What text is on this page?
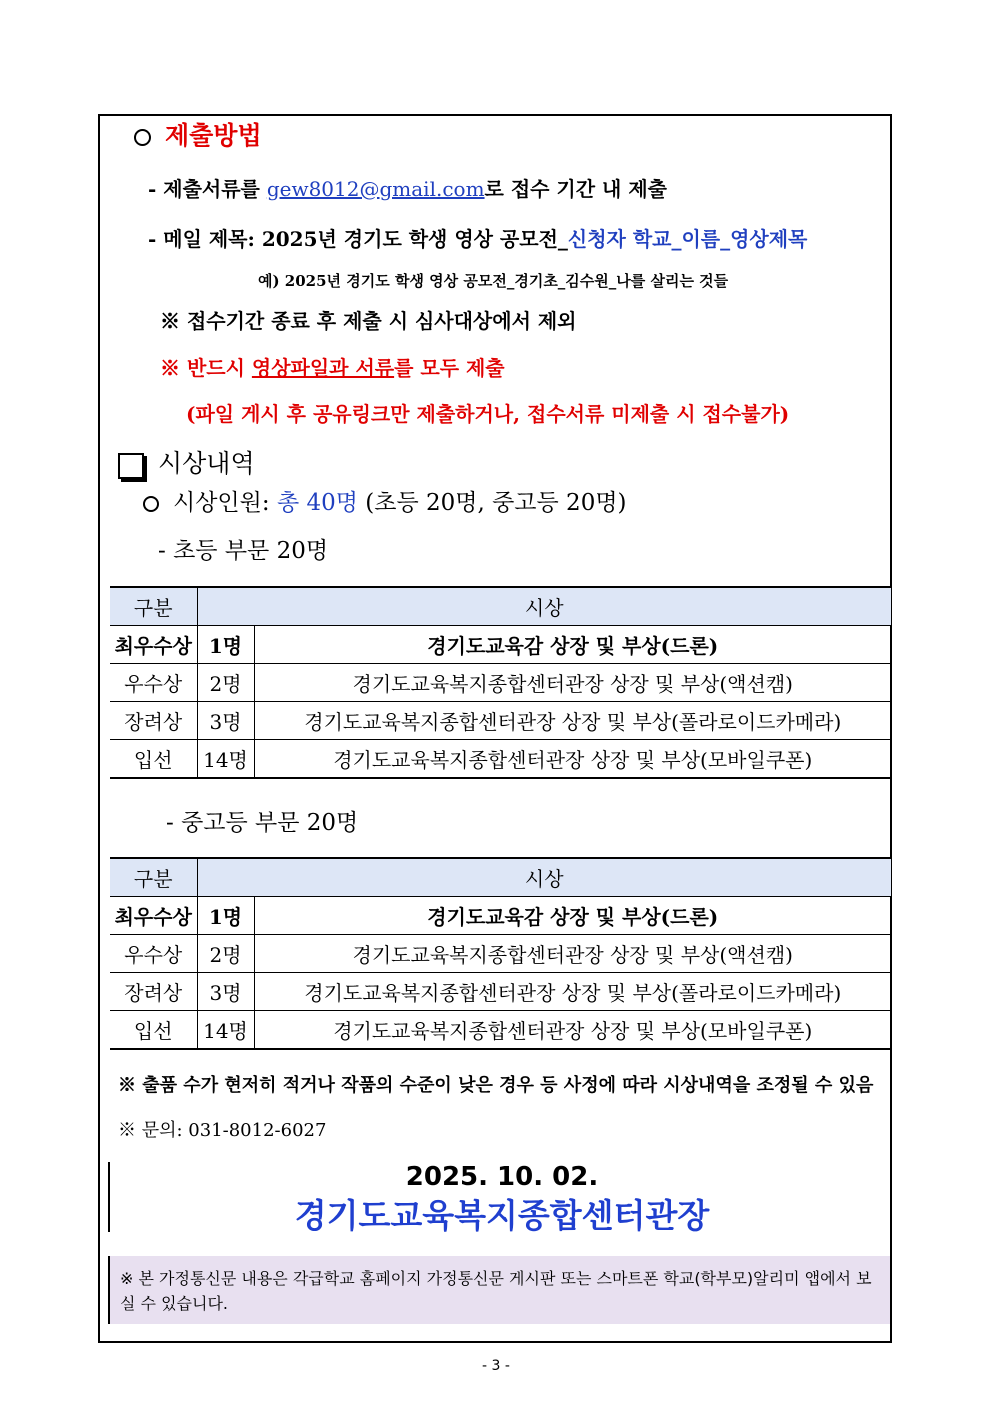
제출방법
- 제출서류를 gew8012@gmail.com로 접수 기간 내 제출
- 메일 제목: 2025년 경기도 학생 영상 공모전_신청자 학교_이름_영상제목
예) 2025년 경기도 학생 영상 공모전_경기초_김수원_나를 살리는 것들
※ 접수기간 종료 후 제출 시 심사대상에서 제외
※ 반드시 영상파일과 서류를 모두 제출
(파일 게시 후 공유링크만 제출하거나, 접수서류 미제출 시 접수불가)
시상내역
시상인원: 총 40명 (초등 20명, 중고등 20명)
- 초등 부문 20명
구분	시상	
최우수상	1명	경기도교육감 상장 및 부상(드론)
우수상	2명	경기도교육복지종합센터관장 상장 및 부상(액션캠)
장려상	3명	경기도교육복지종합센터관장 상장 및 부상(폴라로이드카메라)
입선	14명	경기도교육복지종합센터관장 상장 및 부상(모바일쿠폰)
- 중고등 부문 20명
구분	시상	
최우수상	1명	경기도교육감 상장 및 부상(드론)
우수상	2명	경기도교육복지종합센터관장 상장 및 부상(액션캠)
장려상	3명	경기도교육복지종합센터관장 상장 및 부상(폴라로이드카메라)
입선	14명	경기도교육복지종합센터관장 상장 및 부상(모바일쿠폰)
※ 출품 수가 현저히 적거나 작품의 수준이 낮은 경우 등 사정에 따라 시상내역을 조정될 수 있음
※ 문의: 031-8012-6027
2025. 10. 02.
경기도교육복지종합센터관장
※ 본 가정통신문 내용은 각급학교 홈페이지 가정통신문 게시판 또는 스마트폰 학교(학부모)알리미 앱에서 보실 수 있습니다.
- 3 -
